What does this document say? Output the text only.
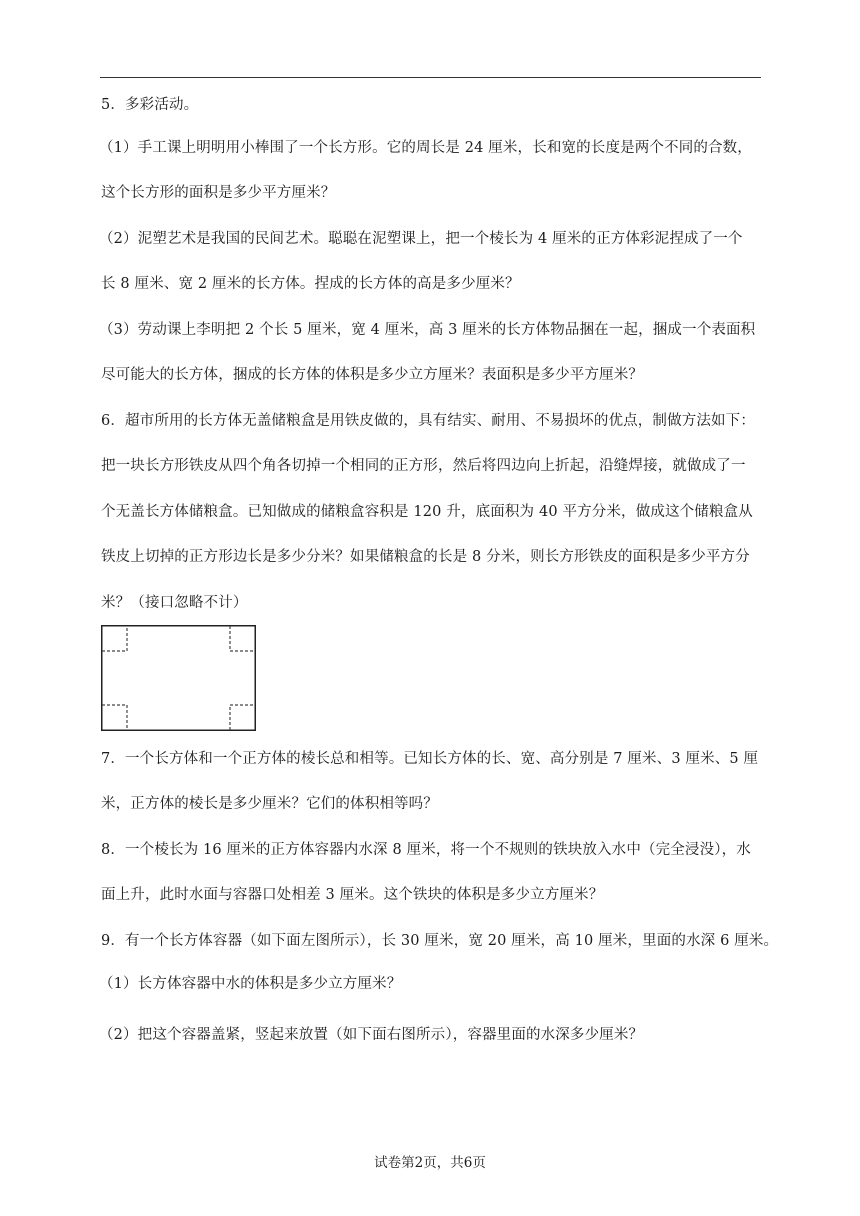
5．多彩活动。
（1）手工课上明明用小棒围了一个长方形。它的周长是 24 厘米，长和宽的长度是两个不同的合数，
这个长方形的面积是多少平方厘米？
（2）泥塑艺术是我国的民间艺术。聪聪在泥塑课上，把一个棱长为 4 厘米的正方体彩泥捏成了一个
长 8 厘米、宽 2 厘米的长方体。捏成的长方体的高是多少厘米？
（3）劳动课上李明把 2 个长 5 厘米，宽 4 厘米，高 3 厘米的长方体物品捆在一起，捆成一个表面积
尽可能大的长方体，捆成的长方体的体积是多少立方厘米？表面积是多少平方厘米？
6．超市所用的长方体无盖储粮盒是用铁皮做的，具有结实、耐用、不易损坏的优点，制做方法如下：
把一块长方形铁皮从四个角各切掉一个相同的正方形，然后将四边向上折起，沿缝焊接，就做成了一
个无盖长方体储粮盒。已知做成的储粮盒容积是 120 升，底面积为 40 平方分米，做成这个储粮盒从
铁皮上切掉的正方形边长是多少分米？如果储粮盒的长是 8 分米，则长方形铁皮的面积是多少平方分
米？（接口忽略不计）
7．一个长方体和一个正方体的棱长总和相等。已知长方体的长、宽、高分别是 7 厘米、3 厘米、5 厘
米，正方体的棱长是多少厘米？它们的体积相等吗？
8．一个棱长为 16 厘米的正方体容器内水深 8 厘米，将一个不规则的铁块放入水中（完全浸没），水
面上升，此时水面与容器口处相差 3 厘米。这个铁块的体积是多少立方厘米？
9．有一个长方体容器（如下面左图所示），长 30 厘米，宽 20 厘米，高 10 厘米，里面的水深 6 厘米。
（1）长方体容器中水的体积是多少立方厘米？
（2）把这个容器盖紧，竖起来放置（如下面右图所示），容器里面的水深多少厘米？
试卷第2页，共6页
